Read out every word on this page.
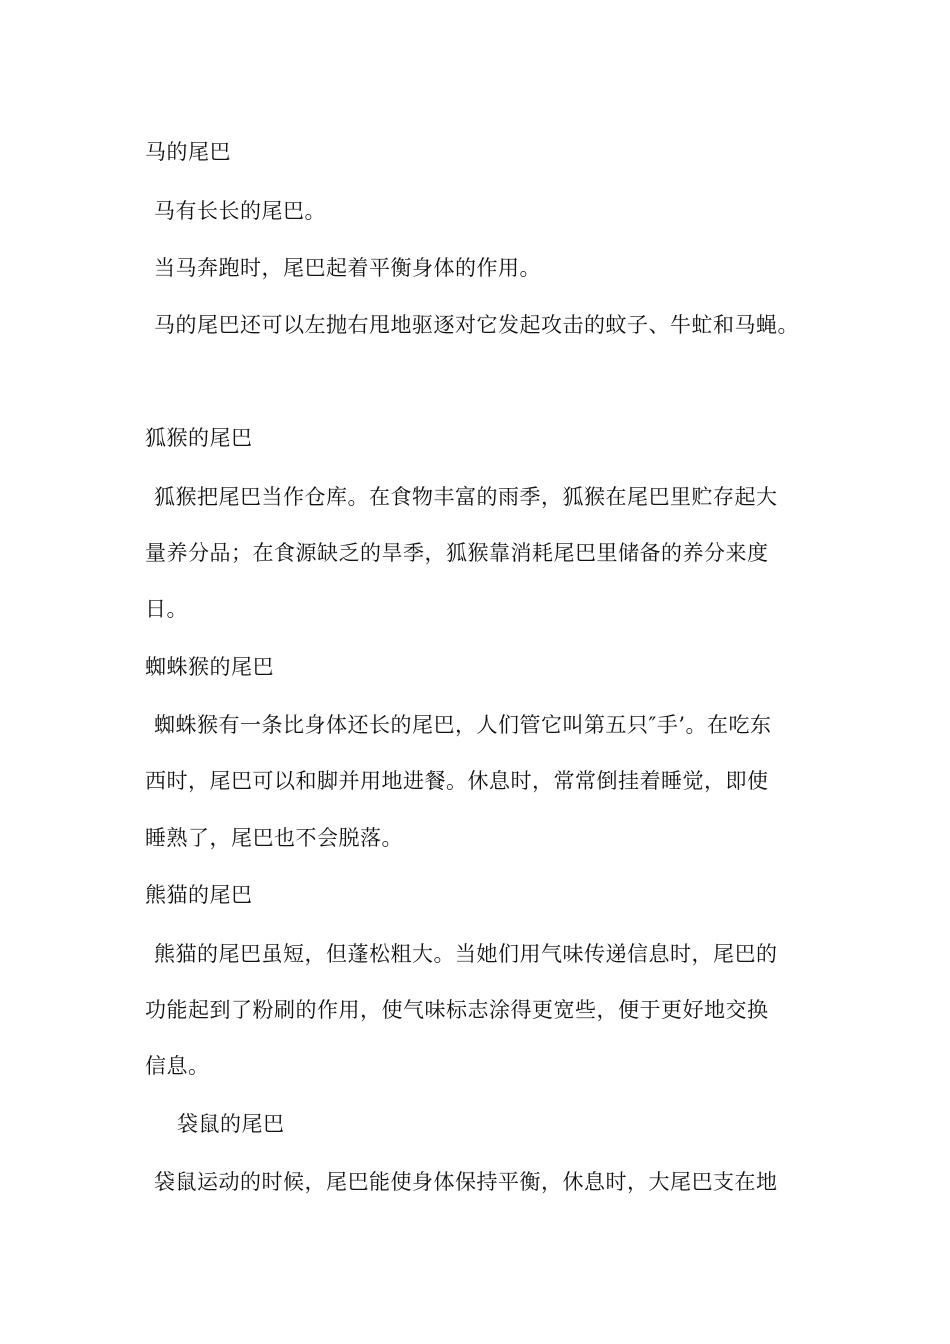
马的尾巴
马有长长的尾巴。
当马奔跑时，尾巴起着平衡身体的作用。
马的尾巴还可以左抛右甩地驱逐对它发起攻击的蚊子、牛虻和马蝇。
狐猴的尾巴
狐猴把尾巴当作仓库。在食物丰富的雨季，狐猴在尾巴里贮存起大
量养分品；在食源缺乏的旱季，狐猴靠消耗尾巴里储备的养分来度
日。
蜘蛛猴的尾巴
蜘蛛猴有一条比身体还长的尾巴，人们管它叫第五只″手’。在吃东
西时，尾巴可以和脚并用地进餐。休息时，常常倒挂着睡觉，即使
睡熟了，尾巴也不会脱落。
熊猫的尾巴
熊猫的尾巴虽短，但蓬松粗大。当她们用气味传递信息时，尾巴的
功能起到了粉刷的作用，使气味标志涂得更宽些，便于更好地交换
信息。
袋鼠的尾巴
袋鼠运动的时候，尾巴能使身体保持平衡，休息时，大尾巴支在地
